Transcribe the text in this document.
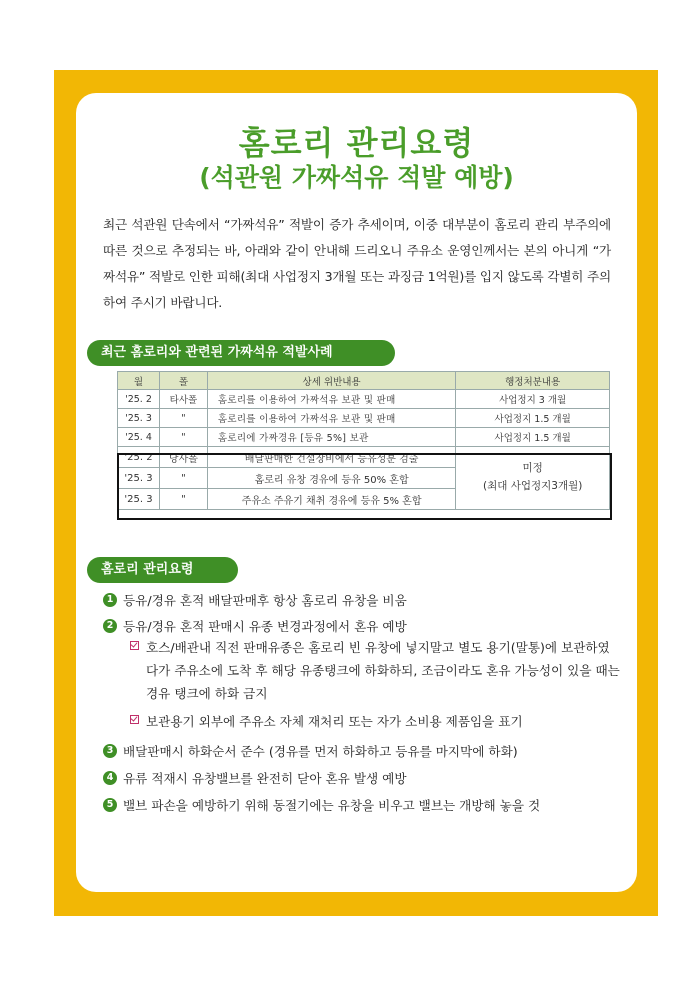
홈로리 관리요령
(석관원 가짜석유 적발 예방)
최근 석관원 단속에서 “가짜석유” 적발이 증가 추세이며, 이중 대부분이 홈로리 관리 부주의에 따른 것으로 추정되는 바, 아래와 같이 안내해 드리오니 주유소 운영인께서는 본의 아니게 “가짜석유” 적발로 인한 피해(최대 사업정지 3개월 또는 과징금 1억원)를 입지 않도록 각별히 주의하여 주시기 바랍니다.
최근 홈로리와 관련된 가짜석유 적발사례
월	폴	상세 위반내용	행정처분내용
'25. 2	타사폴	홈로리를 이용하여 가짜석유 보관 및 판매	사업정지 3 개월
'25. 3	"	홈로리를 이용하여 가짜석유 보관 및 판매	사업정지 1.5 개월
'25. 4	"	홈로리에 가짜경유 [등유 5%] 보관	사업정지 1.5 개월
'25. 2	당사폴	배달판매한 건설장비에서 등유성분 검출	미정
(최대 사업정지3개월)

'25. 3	"	홈로리 유창 경유에 등유 50% 혼합	
'25. 3	"	주유소 주유기 채취 경유에 등유 5% 혼합	
홈로리 관리요령
1 등유/경유 혼적 배달판매후 항상 홈로리 유창을 비움
2 등유/경유 혼적 판매시 유종 변경과정에서 혼유 예방
호스/배관내 직전 판매유종은 홈로리 빈 유창에 넣지말고 별도 용기(말통)에 보관하였다가 주유소에 도착 후 해당 유종탱크에 하화하되, 조금이라도 혼유 가능성이 있을 때는 경유 탱크에 하화 금지
보관용기 외부에 주유소 자체 재처리 또는 자가 소비용 제품임을 표기
3 배달판매시 하화순서 준수 (경유를 먼저 하화하고 등유를 마지막에 하화)
4 유류 적재시 유창밸브를 완전히 닫아 혼유 발생 예방
5 밸브 파손을 예방하기 위해 동절기에는 유창을 비우고 밸브는 개방해 놓을 것
